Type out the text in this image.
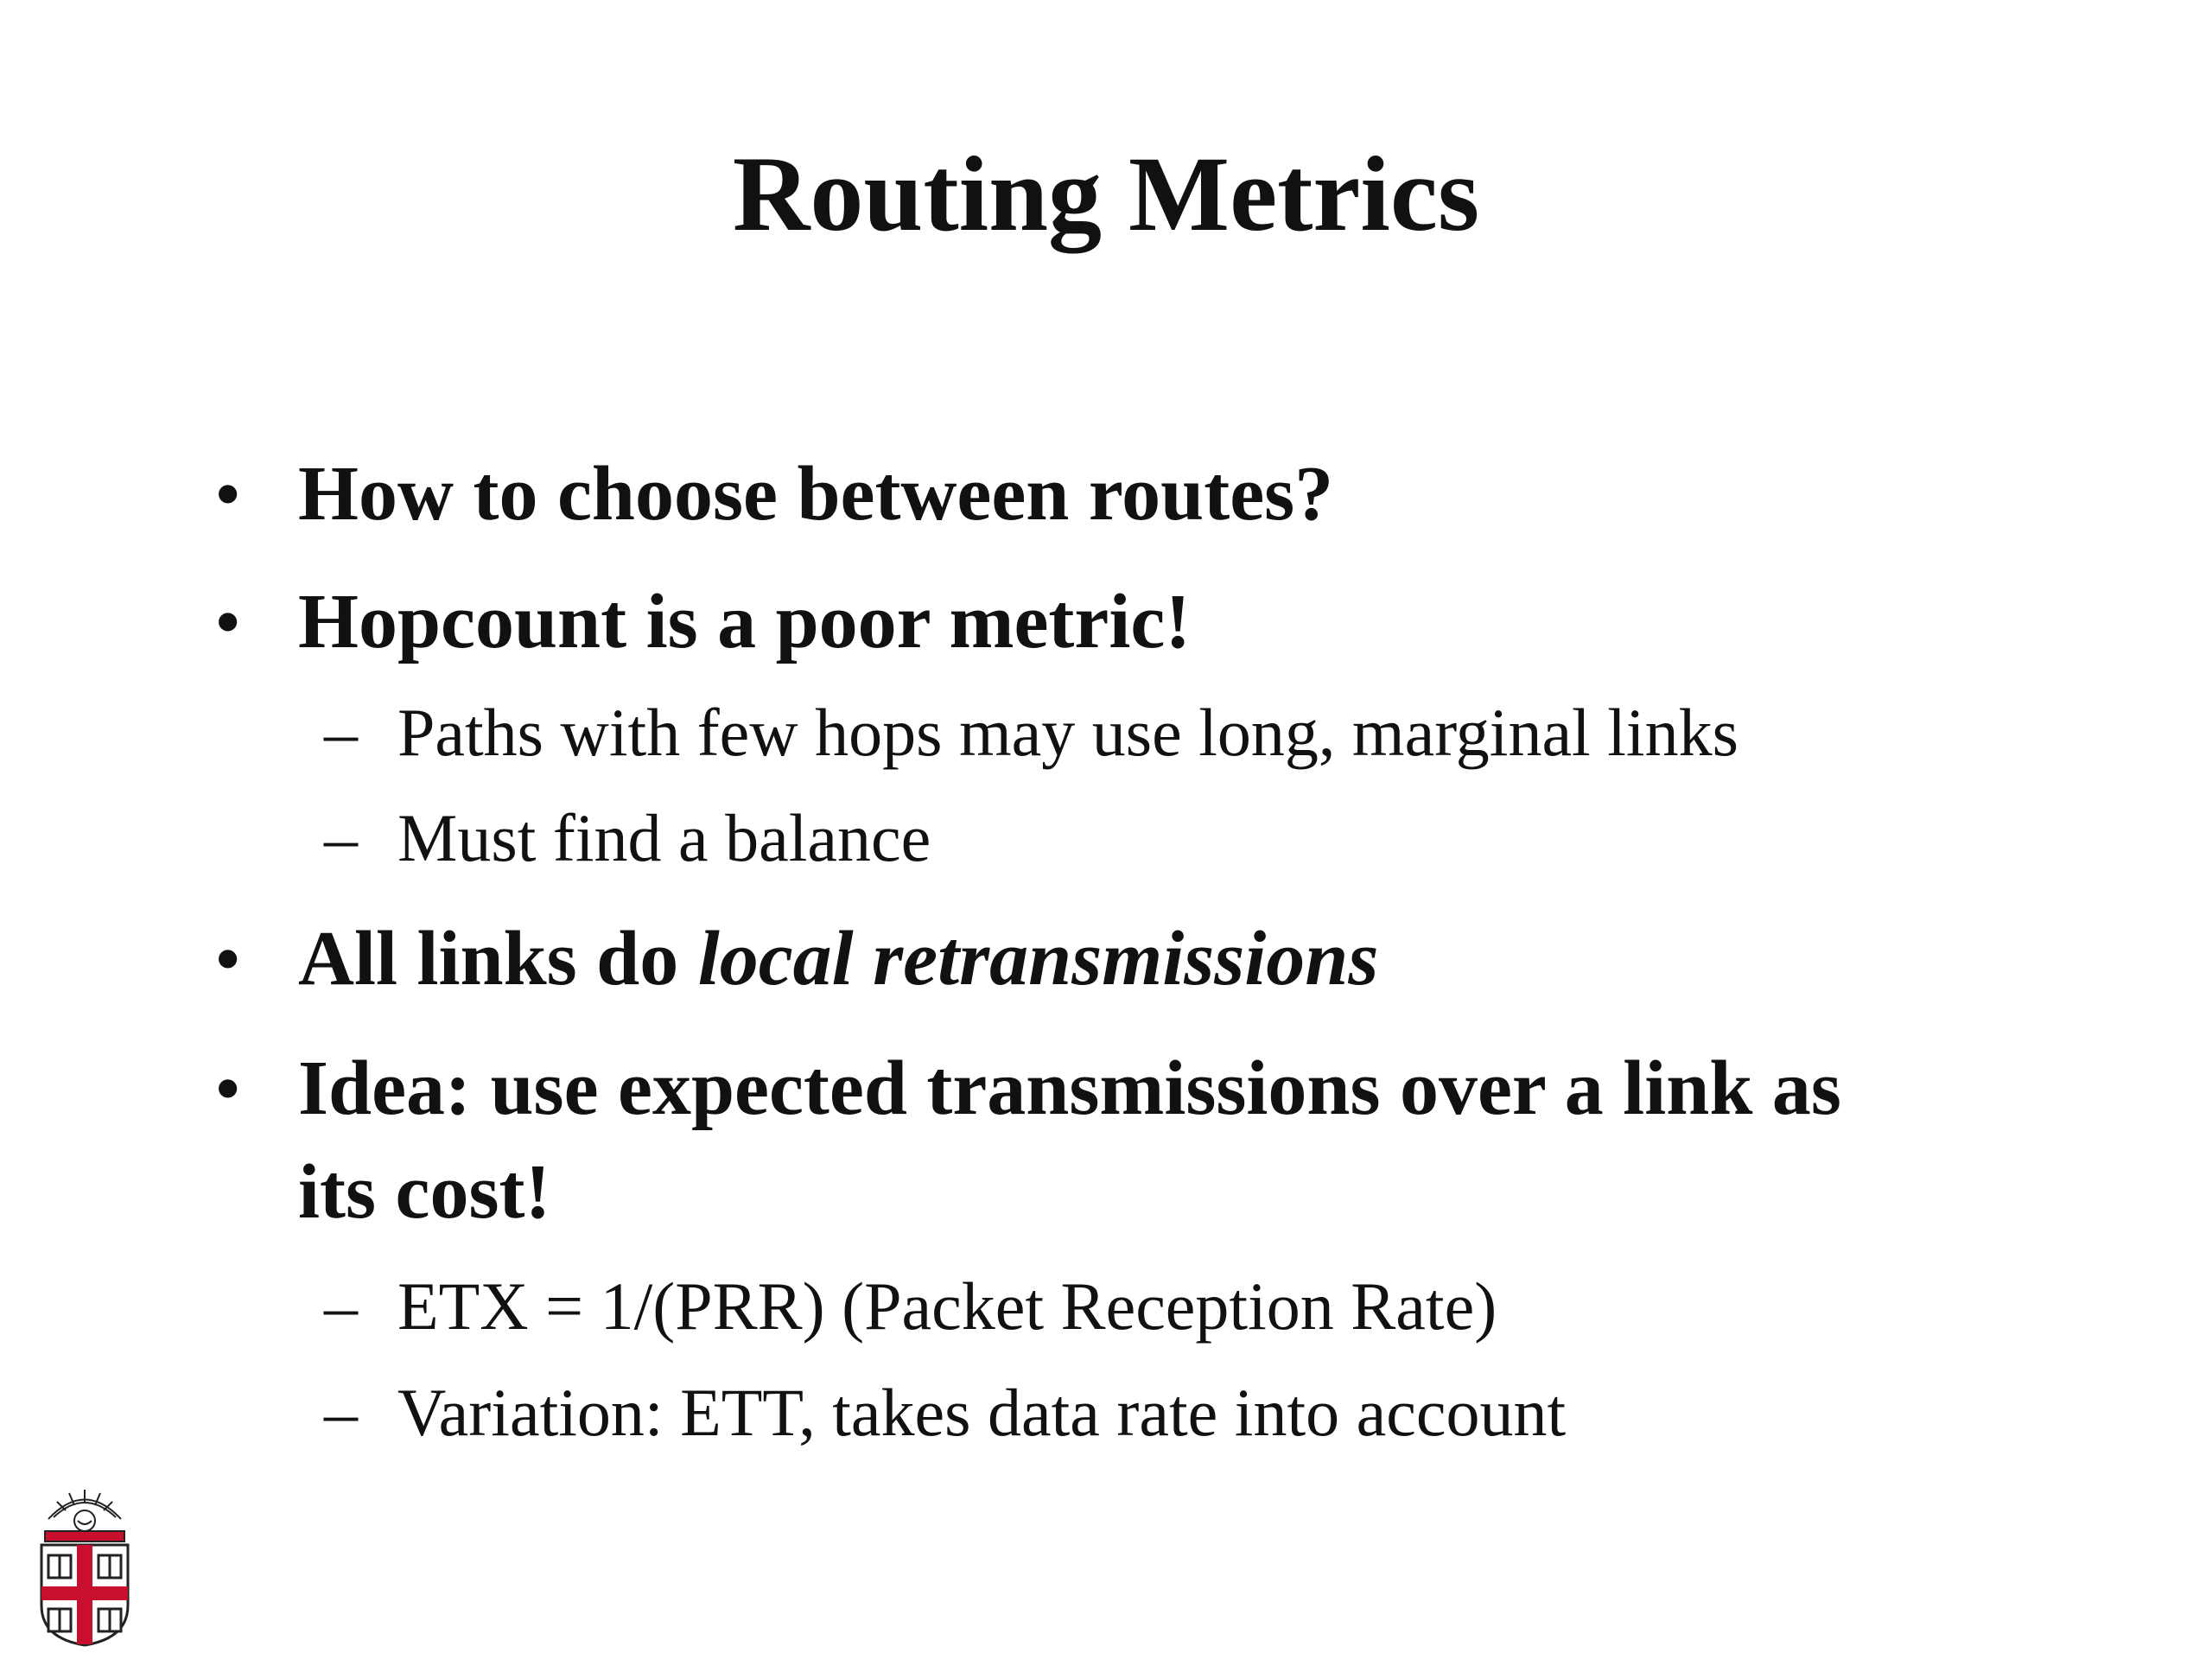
Routing Metrics
• How to choose between routes?
• Hopcount is a poor metric!
– Paths with few hops may use long, marginal links
– Must find a balance
• All links do local retransmissions
• Idea: use expected transmissions over a link as
its cost!
– ETX = 1/(PRR) (Packet Reception Rate)
– Variation: ETT, takes data rate into account
